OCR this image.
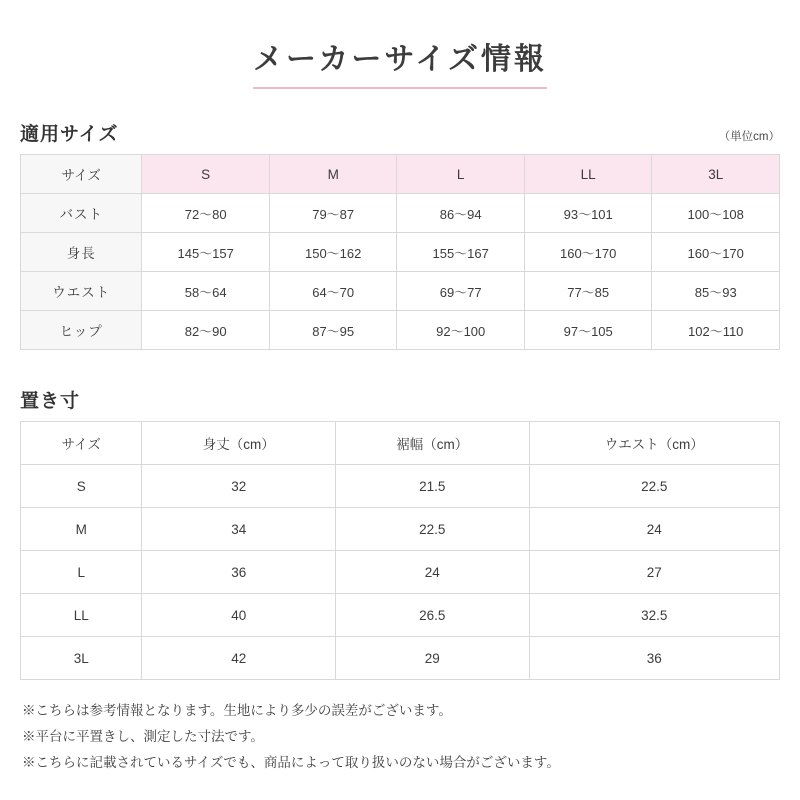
メーカーサイズ情報
適用サイズ	（単位cm）
サイズ	S	M	L	LL	3L
バスト	72〜80	79〜87	86〜94	93〜101	100〜108
身長	145〜157	150〜162	155〜167	160〜170	160〜170
ウエスト	58〜64	64〜70	69〜77	77〜85	85〜93
ヒップ	82〜90	87〜95	92〜100	97〜105	102〜110
置き寸
サイズ	身丈（cm）	裾幅（cm）	ウエスト（cm）
S	32	21.5	22.5
M	34	22.5	24
L	36	24	27
LL	40	26.5	32.5
3L	42	29	36

※こちらは参考情報となります。生地により多少の誤差がございます。

※平台に平置きし、測定した寸法です。

※こちらに記載されているサイズでも、商品によって取り扱いのない場合がございます。
